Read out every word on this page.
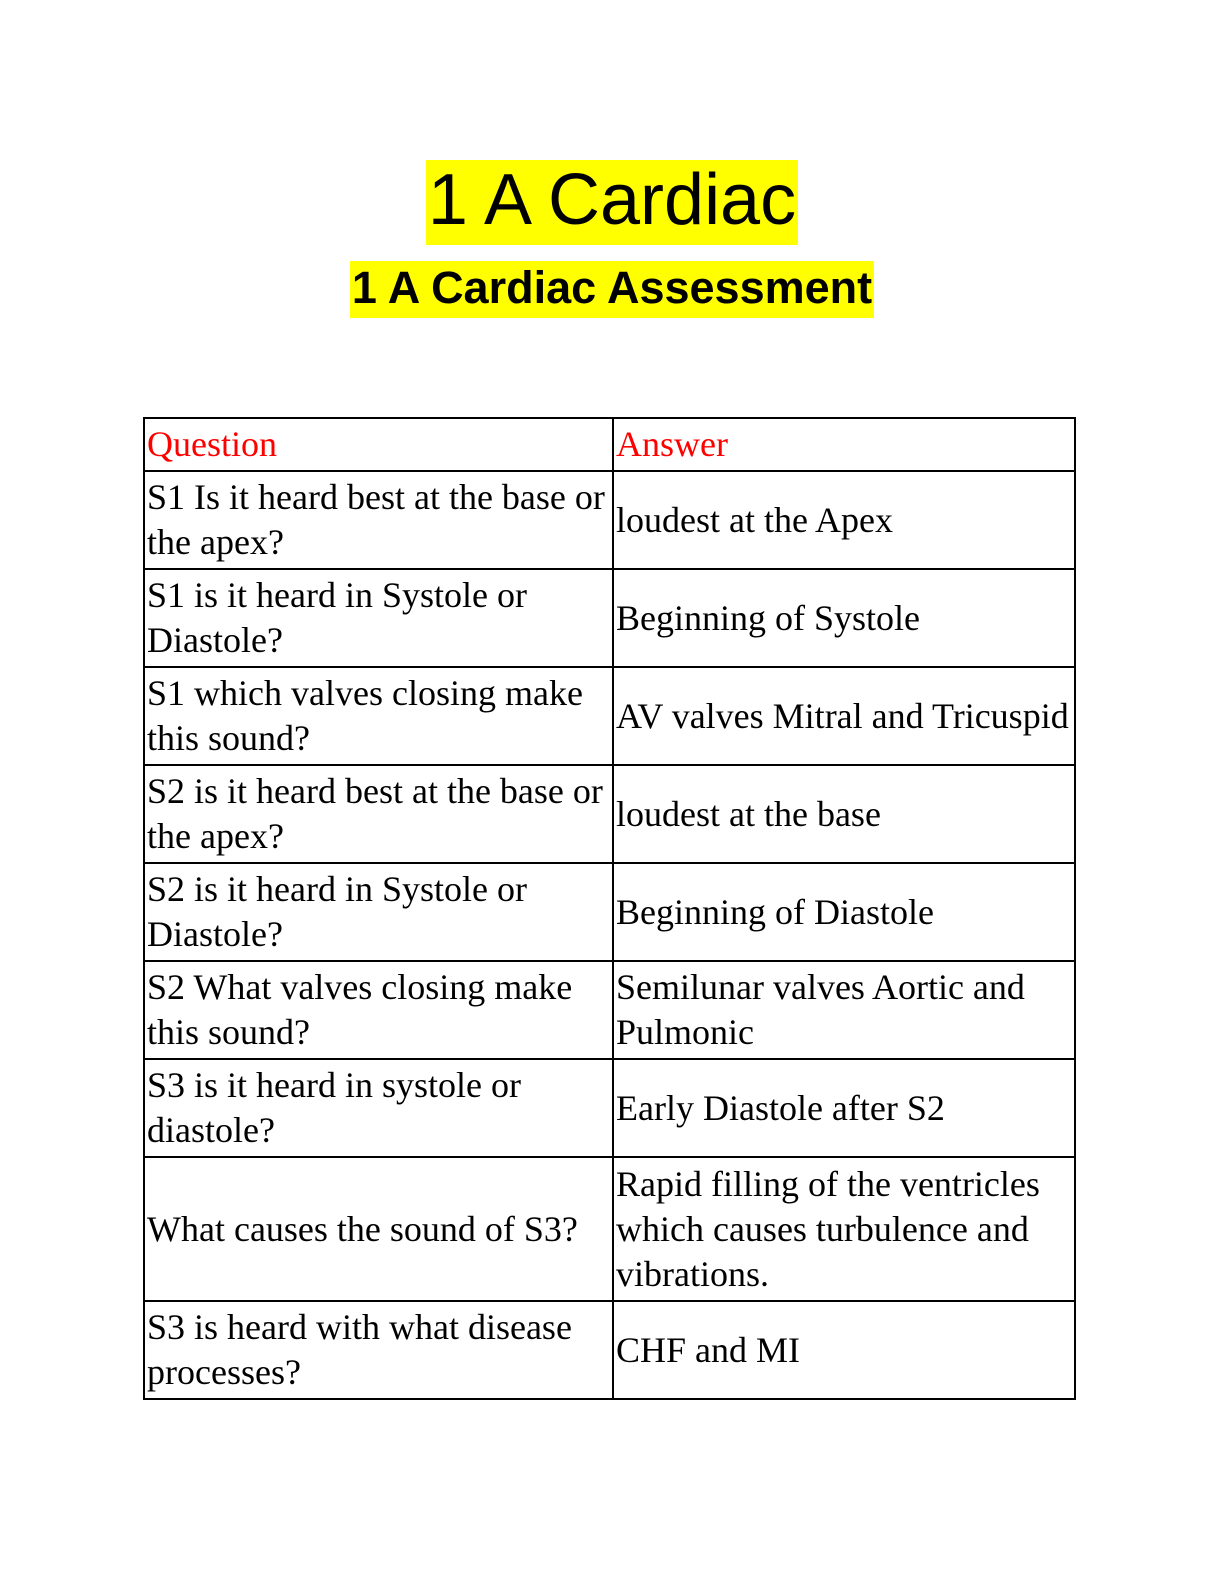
1 A Cardiac
1 A Cardiac Assessment
Question	Answer
S1 Is it heard best at the base or the apex?	loudest at the Apex
S1 is it heard in Systole or Diastole?	Beginning of Systole
S1 which valves closing make this sound?	AV valves Mitral and Tricuspid
S2 is it heard best at the base or the apex?	loudest at the base
S2 is it heard in Systole or Diastole?	Beginning of Diastole
S2 What valves closing make this sound?	Semilunar valves Aortic and Pulmonic
S3 is it heard in systole or diastole?	Early Diastole after S2
What causes the sound of S3?	Rapid filling of the ventricles which causes turbulence and vibrations.
S3 is heard with what disease processes?	CHF and MI
